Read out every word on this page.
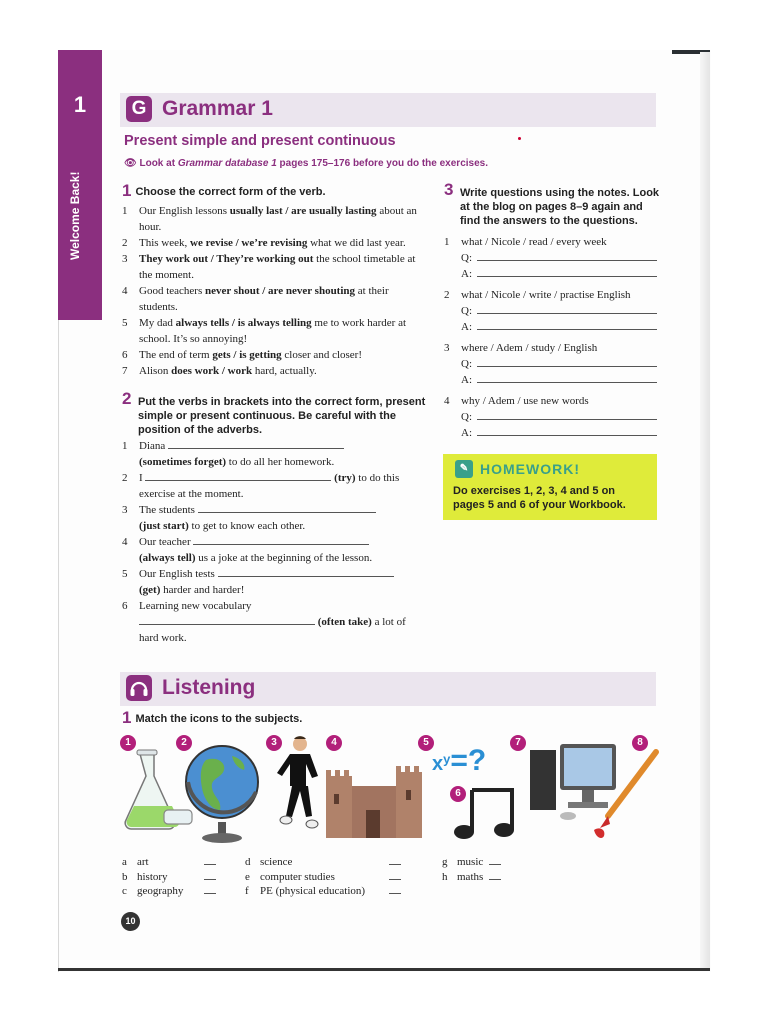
1
Welcome Back!
G Grammar 1
Present simple and present continuous
👁 Look at Grammar database 1 pages 175–176 before you do the exercises.
1 Choose the correct form of the verb.
1 Our English lessons usually last / are usually lasting about an hour.
2 This week, we revise / we’re revising what we did last year.
3 They work out / They’re working out the school timetable at the moment.
4 Good teachers never shout / are never shouting at their students.
5 My dad always tells / is always telling me to work harder at school. It’s so annoying!
6 The end of term gets / is getting closer and closer!
7 Alison does work / work hard, actually.
2 Put the verbs in brackets into the correct form, present simple or present continuous. Be careful with the position of the adverbs.
1 Diana
(sometimes forget) to do all her homework.
2 I	(try) to do this exercise at the moment.
3 The students
(just start) to get to know each other.
4 Our teacher
(always tell) us a joke at the beginning of the lesson.
5 Our English tests
(get) harder and harder!
6 Learning new vocabulary
(often take) a lot of hard work.
3 Write questions using the notes. Look at the blog on pages 8–9 again and find the answers to the questions.
1 what / Nicole / read / every week
Q:
A:
2 what / Nicole / write / practise English
Q:
A:
3 where / Adem / study / English
Q:
A:
4 why / Adem / use new words
Q:
A:
✎ HOMEWORK!
Do exercises 1, 2, 3, 4 and 5 on pages 5 and 6 of your Workbook.
Listening
1 Match the icons to the subjects.
1	2	3	4	5
6
7	8
$x^y=$?
a art
b history
c geography
d science
e computer studies
f PE (physical education)
g music
h maths
10
